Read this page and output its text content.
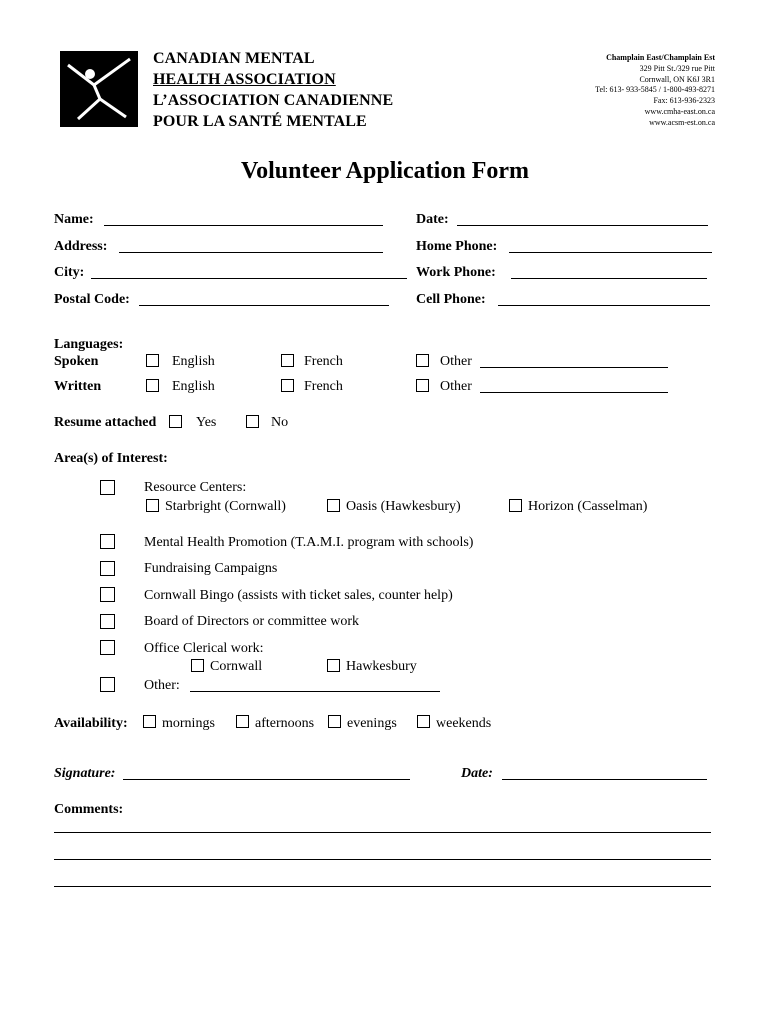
CANADIAN MENTAL
HEALTH ASSOCIATION
L’ASSOCIATION CANADIENNE
POUR LA SANTÉ MENTALE
Champlain East/Champlain Est
329 Pitt St./329 rue Pitt
Cornwall, ON K6J 3R1
Tel: 613- 933-5845 / 1-800-493-8271
Fax: 613-936-2323
www.cmha-east.on.ca
www.acsm-est.on.ca
Volunteer Application Form
Name:	Date:
Address:	Home Phone:
City:	Work Phone:
Postal Code:	Cell Phone:
Languages:
Spoken	English	French	Other
Written	English	French	Other
Resume attached	Yes	No
Area(s) of Interest:
Resource Centers:
Starbright (Cornwall)	Oasis (Hawkesbury)	Horizon (Casselman)
Mental Health Promotion (T.A.M.I. program with schools)
Fundraising Campaigns
Cornwall Bingo (assists with ticket sales, counter help)
Board of Directors or committee work
Office Clerical work:
Cornwall	Hawkesbury
Other:
Availability: mornings	afternoons evenings	weekends
Signature:	Date:
Comments:
